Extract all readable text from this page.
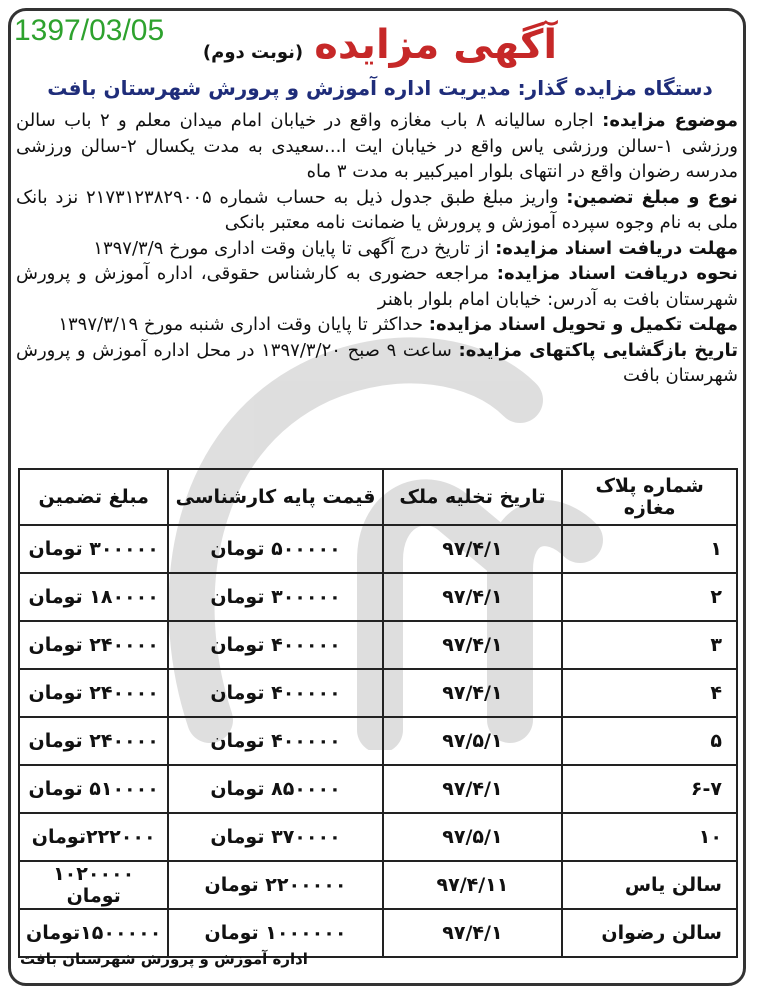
1397/03/05	آگهی مزایده (نوبت دوم)
دستگاه مزایده گذار: مدیریت اداره آموزش و پرورش شهرستان بافت

موضوع مزایده: اجاره سالیانه ۸ باب مغازه واقع در خیابان امام میدان معلم و ۲ باب سالن ورزشی ۱-سالن ورزشی یاس واقع در خیابان ایت ا...سعیدی به مدت یکسال ۲-سالن ورزشی مدرسه رضوان واقع در انتهای بلوار امیرکبیر به مدت ۳ ماه

نوع و مبلغ تضمین: واریز مبلغ طبق جدول ذیل به حساب شماره ۲۱۷۳۱۲۳۸۲۹۰۰۵ نزد بانک ملی به نام وجوه سپرده آموزش و پرورش یا ضمانت نامه معتبر بانکی

مهلت دریافت اسناد مزایده: از تاریخ درج آگهی تا پایان وقت اداری مورخ ۱۳۹۷/۳/۹

نحوه دریافت اسناد مزایده: مراجعه حضوری به کارشناس حقوقی، اداره آموزش و پرورش شهرستان بافت به آدرس: خیابان امام بلوار باهنر

مهلت تکمیل و تحویل اسناد مزایده: حداکثر تا پایان وقت اداری شنبه مورخ ۱۳۹۷/۳/۱۹

تاریخ بازگشایی پاکتهای مزایده: ساعت ۹ صبح ۱۳۹۷/۳/۲۰ در محل اداره آموزش و پرورش شهرستان بافت

شماره پلاک مغازه	تاریخ تخلیه ملک	قیمت پایه کارشناسی	مبلغ تضمین
۱	۹۷/۴/۱	۵۰۰۰۰۰ تومان	۳۰۰۰۰۰ تومان
۲	۹۷/۴/۱	۳۰۰۰۰۰ تومان	۱۸۰۰۰۰ تومان
۳	۹۷/۴/۱	۴۰۰۰۰۰ تومان	۲۴۰۰۰۰ تومان
۴	۹۷/۴/۱	۴۰۰۰۰۰ تومان	۲۴۰۰۰۰ تومان
۵	۹۷/۵/۱	۴۰۰۰۰۰ تومان	۲۴۰۰۰۰ تومان
۶-۷	۹۷/۴/۱	۸۵۰۰۰۰ تومان	۵۱۰۰۰۰ تومان
۱۰	۹۷/۵/۱	۳۷۰۰۰۰ تومان	۲۲۲۰۰۰تومان
سالن یاس	۹۷/۴/۱۱	۲۲۰۰۰۰۰ تومان	۱۰۲۰۰۰۰ تومان
سالن رضوان	۹۷/۴/۱	۱۰۰۰۰۰۰ تومان	۱۵۰۰۰۰۰تومان
اداره آموزش و پرورش شهرستان بافت
